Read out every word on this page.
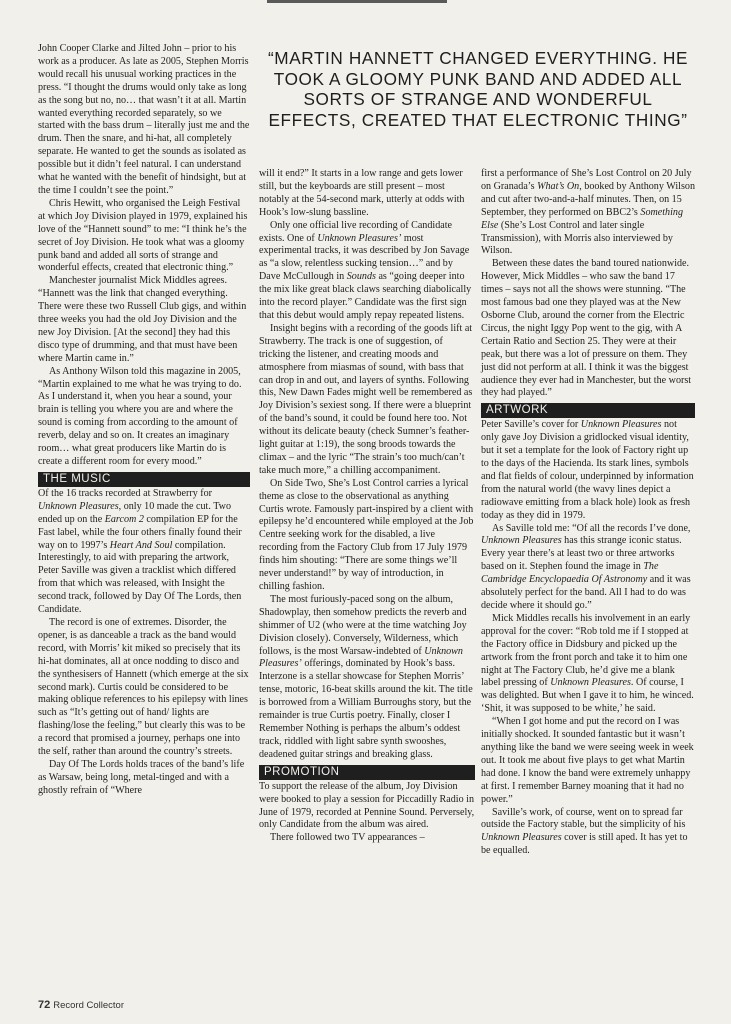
“MARTIN HANNETT CHANGED EVERYTHING. HE TOOK A GLOOMY PUNK BAND AND ADDED ALL SORTS OF STRANGE AND WONDERFUL EFFECTS, CREATED THAT ELECTRONIC THING”

John Cooper Clarke and Jilted John – prior to his work as a producer. As late as 2005, Stephen Morris would recall his unusual working practices in the press. “I thought the drums would only take as long as the song but no, no… that wasn’t it at all. Martin wanted everything recorded separately, so we started with the bass drum – literally just me and the drum. Then the snare, and hi-hat, all completely separate. He wanted to get the sounds as isolated as possible but it didn’t feel natural. I can understand what he wanted with the benefit of hindsight, but at the time I couldn’t see the point.”

Chris Hewitt, who organised the Leigh Festival at which Joy Division played in 1979, explained his love of the “Hannett sound” to me: “I think he’s the secret of Joy Division. He took what was a gloomy punk band and added all sorts of strange and wonderful effects, created that electronic thing.”

Manchester journalist Mick Middles agrees. “Hannett was the link that changed everything. There were these two Russell Club gigs, and within three weeks you had the old Joy Division and the new Joy Division. [At the second] they had this disco type of drumming, and that must have been where Martin came in.”

As Anthony Wilson told this magazine in 2005, “Martin explained to me what he was trying to do. As I understand it, when you hear a sound, your brain is telling you where you are and where the sound is coming from according to the amount of reverb, delay and so on. It creates an imaginary room… what great producers like Martin do is create a different room for every mood.”

THE MUSIC

Of the 16 tracks recorded at Strawberry for Unknown Pleasures, only 10 made the cut. Two ended up on the Earcom 2 compilation EP for the Fast label, while the four others finally found their way on to 1997’s Heart And Soul compilation. Interestingly, to aid with preparing the artwork, Peter Saville was given a tracklist which differed from that which was released, with Insight the second track, followed by Day Of The Lords, then Candidate.

The record is one of extremes. Disorder, the opener, is as danceable a track as the band would record, with Morris’ kit miked so precisely that its hi-hat dominates, all at once nodding to disco and the synthesisers of Hannett (which emerge at the six second mark). Curtis could be considered to be making oblique references to his epilepsy with lines such as “It’s getting out of hand/ lights are flashing/lose the feeling,” but clearly this was to be a record that promised a journey, perhaps one into the self, rather than around the country’s streets.

Day Of The Lords holds traces of the band’s life as Warsaw, being long, metal-tinged and with a ghostly refrain of “Where

will it end?” It starts in a low range and gets lower still, but the keyboards are still present – most notably at the 54-second mark, utterly at odds with Hook’s low-slung bassline.

Only one official live recording of Candidate exists. One of Unknown Pleasures’ most experimental tracks, it was described by Jon Savage as “a slow, relentless sucking tension…” and by Dave McCullough in Sounds as “going deeper into the mix like great black claws searching diabolically into the record player.” Candidate was the first sign that this debut would amply repay repeated listens.

Insight begins with a recording of the goods lift at Strawberry. The track is one of suggestion, of tricking the listener, and creating moods and atmosphere from miasmas of sound, with bass that can drop in and out, and layers of synths. Following this, New Dawn Fades might well be remembered as Joy Division’s sexiest song. If there were a blueprint of the band’s sound, it could be found here too. Not without its delicate beauty (check Sumner’s feather-light guitar at 1:19), the song broods towards the climax – and the lyric “The strain’s too much/can’t take much more,” a chilling accompaniment.

On Side Two, She’s Lost Control carries a lyrical theme as close to the observational as anything Curtis wrote. Famously part-inspired by a client with epilepsy he’d encountered while employed at the Job Centre seeking work for the disabled, a live recording from the Factory Club from 17 July 1979 finds him shouting: “There are some things we’ll never understand!” by way of introduction, in chilling fashion.

The most furiously-paced song on the album, Shadowplay, then somehow predicts the reverb and shimmer of U2 (who were at the time watching Joy Division closely). Conversely, Wilderness, which follows, is the most Warsaw-indebted of Unknown Pleasures’ offerings, dominated by Hook’s bass. Interzone is a stellar showcase for Stephen Morris’ tense, motoric, 16-beat skills around the kit. The title is borrowed from a William Burroughs story, but the remainder is true Curtis poetry. Finally, closer I Remember Nothing is perhaps the album’s oddest track, riddled with light sabre synth swooshes, deadened guitar strings and breaking glass.

PROMOTION

To support the release of the album, Joy Division were booked to play a session for Piccadilly Radio in June of 1979, recorded at Pennine Sound. Perversely, only Candidate from the album was aired.

There followed two TV appearances –

first a performance of She’s Lost Control on 20 July on Granada’s What’s On, booked by Anthony Wilson and cut after two-and-a-half minutes. Then, on 15 September, they performed on BBC2’s Something Else (She’s Lost Control and later single Transmission), with Morris also interviewed by Wilson.

Between these dates the band toured nationwide. However, Mick Middles – who saw the band 17 times – says not all the shows were stunning. “The most famous bad one they played was at the New Osborne Club, around the corner from the Electric Circus, the night Iggy Pop went to the gig, with A Certain Ratio and Section 25. They were at their peak, but there was a lot of pressure on them. They just did not perform at all. I think it was the biggest audience they ever had in Manchester, but the worst they had played.”

ARTWORK

Peter Saville’s cover for Unknown Pleasures not only gave Joy Division a gridlocked visual identity, but it set a template for the look of Factory right up to the days of the Hacienda. Its stark lines, symbols and flat fields of colour, underpinned by information from the natural world (the wavy lines depict a radiowave emitting from a black hole) look as fresh today as they did in 1979.

As Saville told me: “Of all the records I’ve done, Unknown Pleasures has this strange iconic status. Every year there’s at least two or three artworks based on it. Stephen found the image in The Cambridge Encyclopaedia Of Astronomy and it was absolutely perfect for the band. All I had to do was decide where it should go.”

Mick Middles recalls his involvement in an early approval for the cover: “Rob told me if I stopped at the Factory office in Didsbury and picked up the artwork from the front porch and take it to him one night at The Factory Club, he’d give me a blank label pressing of Unknown Pleasures. Of course, I was delighted. But when I gave it to him, he winced. ‘Shit, it was supposed to be white,’ he said.

“When I got home and put the record on I was initially shocked. It sounded fantastic but it wasn’t anything like the band we were seeing week in week out. It took me about five plays to get what Martin had done. I know the band were extremely unhappy at first. I remember Barney moaning that it had no power.”

Saville’s work, of course, went on to spread far outside the Factory stable, but the simplicity of his Unknown Pleasures cover is still aped. It has yet to be equalled.

72 Record Collector
